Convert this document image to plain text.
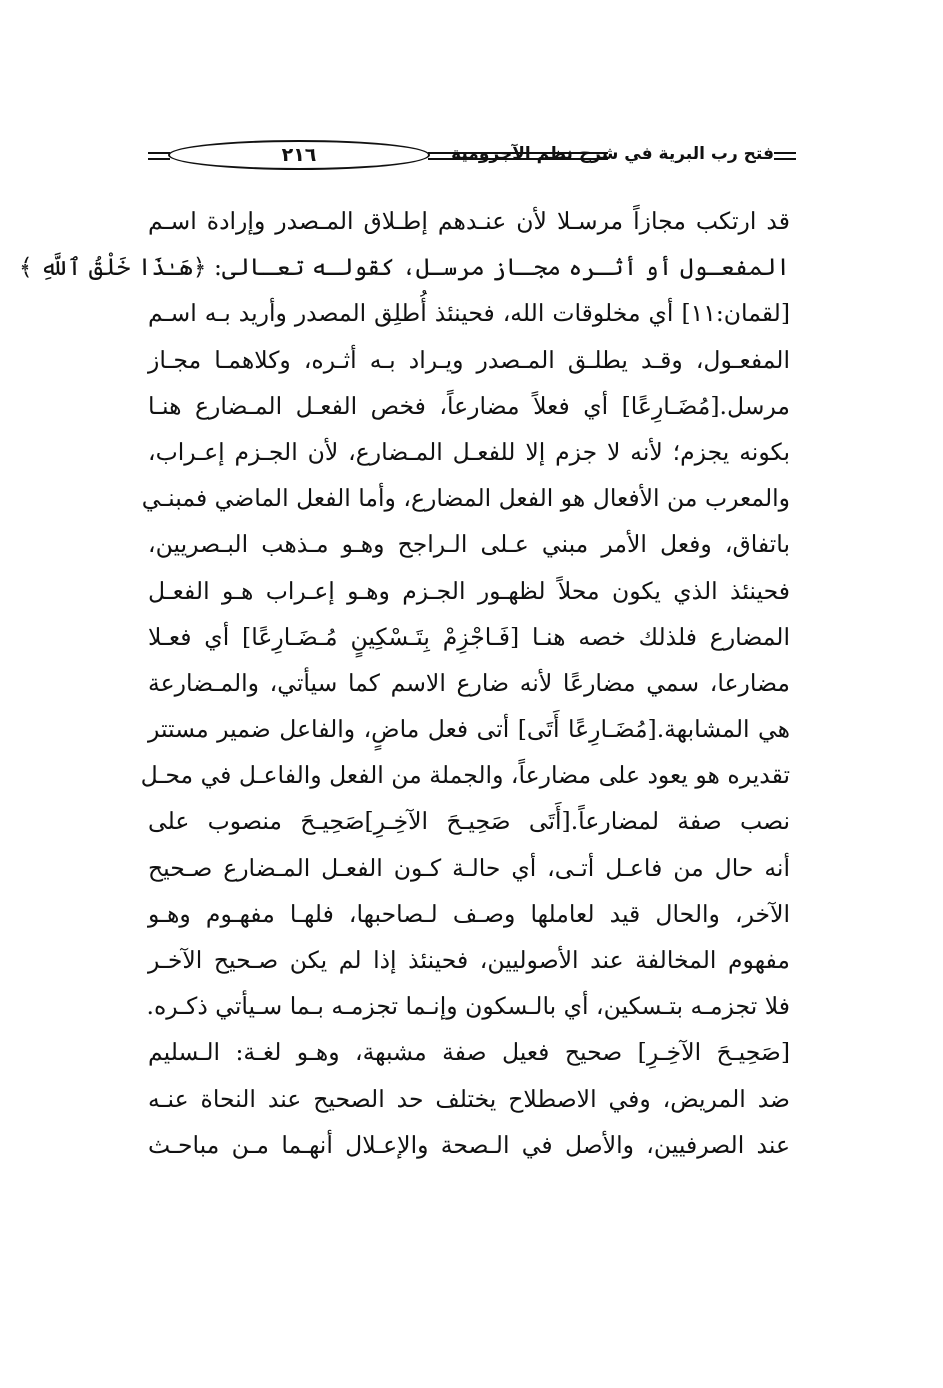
٢١٦	فتح رب البرية في شرح نظم الآجرومية
قد ارتكب مجازاً مرسـلا لأن عنـدهم إطـلاق المـصدر وإرادة اسـم
المفعـول أو أثـره مجـاز مرسـل، كقولـه تعـالى: ﴿هَـٰذَا خَلْقُ ٱللَّهِ ﴾
[لقمان:١١] أي مخلوقات الله، فحينئذ أُطلِق المصدر وأريد بـه اسـم
المفعـول، وقـد يطلـق المـصدر ويـراد بـه أثـره، وكلاهمـا مجـاز
مرسل.[مُضَـارِعًا] أي فعلاً مضارعاً، فخص الفعـل المـضارع هنـا
بكونه يجزم؛ لأنه لا جزم إلا للفعـل المـضارع، لأن الجـزم إعـراب،
والمعرب من الأفعال هو الفعل المضارع، وأما الفعل الماضي فمبنـي
باتفاق، وفعل الأمر مبني عـلى الـراجح وهـو مـذهب البـصريين،
فحينئذ الذي يكون محلاً لظهـور الجـزم وهـو إعـراب هـو الفعـل
المضارع فلذلك خصه هنـا [فَـاجْزِمْ بِتَـسْكِينٍ مُـضَـارِعًا] أي فعـلا
مضارعا، سمي مضارعًا لأنه ضارع الاسم كما سيأتي، والمـضارعة
هي المشابهة.[مُضَـارِعًا أَتَى] أتى فعل ماضٍ، والفاعل ضمير مستتر
تقديره هو يعود على مضارعاً، والجملة من الفعل والفاعـل في محـل
نصب صفة لمضارعاً.[أَتَى صَحِيـحَ الآخِـرِ]صَحِيـحَ منصوب على
أنه حال من فاعـل أتـى، أي حالـة كـون الفعـل المـضارع صـحيح
الآخر، والحال قيد لعاملها وصـف لـصاحبها، فلهـا مفهـوم وهـو
مفهوم المخالفة عند الأصوليين، فحينئذ إذا لم يكن صـحيح الآخـر
فلا تجزمـه بتـسكين، أي بالـسكون وإنـما تجزمـه بـما سـيأتي ذكـره.
[صَحِيـحَ الآخِـرِ] صحيح فعيل صفة مشبهة، وهـو لغـة: الـسليم
ضد المريض، وفي الاصطلاح يختلف حد الصحيح عند النحاة عنـه
عند الصرفيين، والأصل في الـصحة والإعـلال أنهـما مـن مباحـث
